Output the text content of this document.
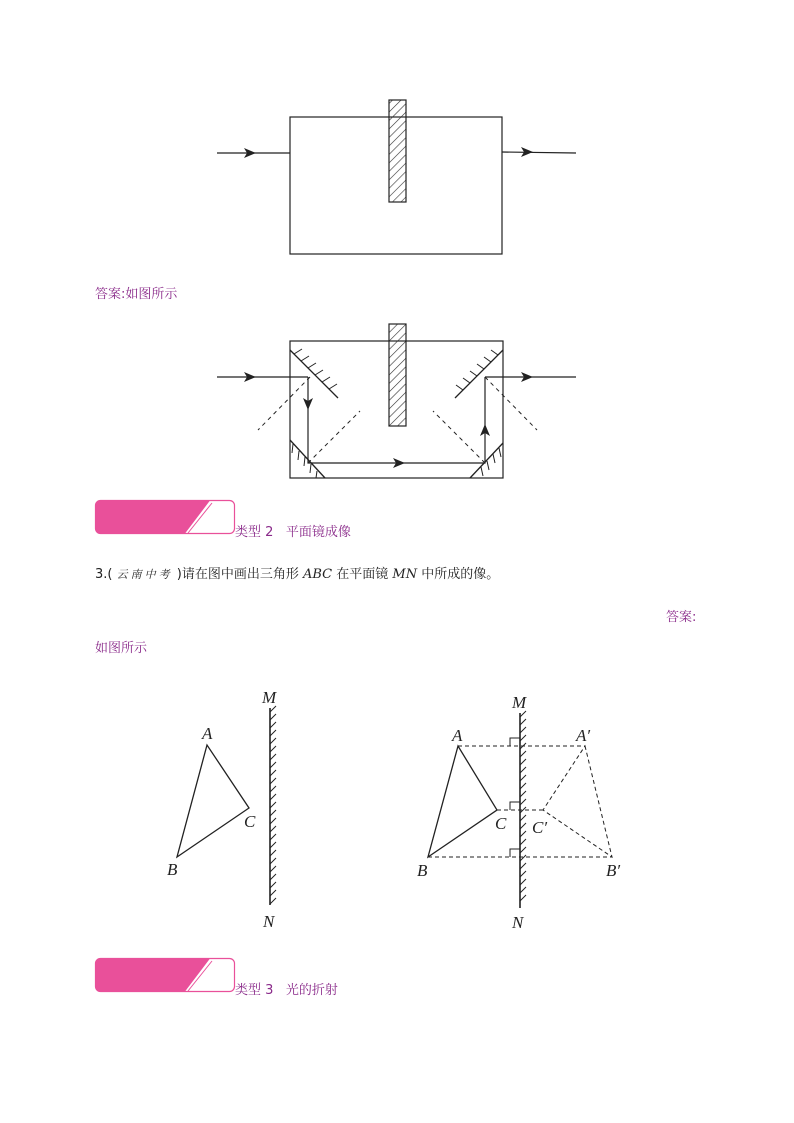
答案:如图所示
类型 2 平面镜成像
3.( 云南中考 )请在图中画出三角形 ABC 在平面镜 MN 中所成的像。
答案:
如图所示
M
N
A
B
C
M
N
A
B
C
A′
B′
C′
类型 3 光的折射
